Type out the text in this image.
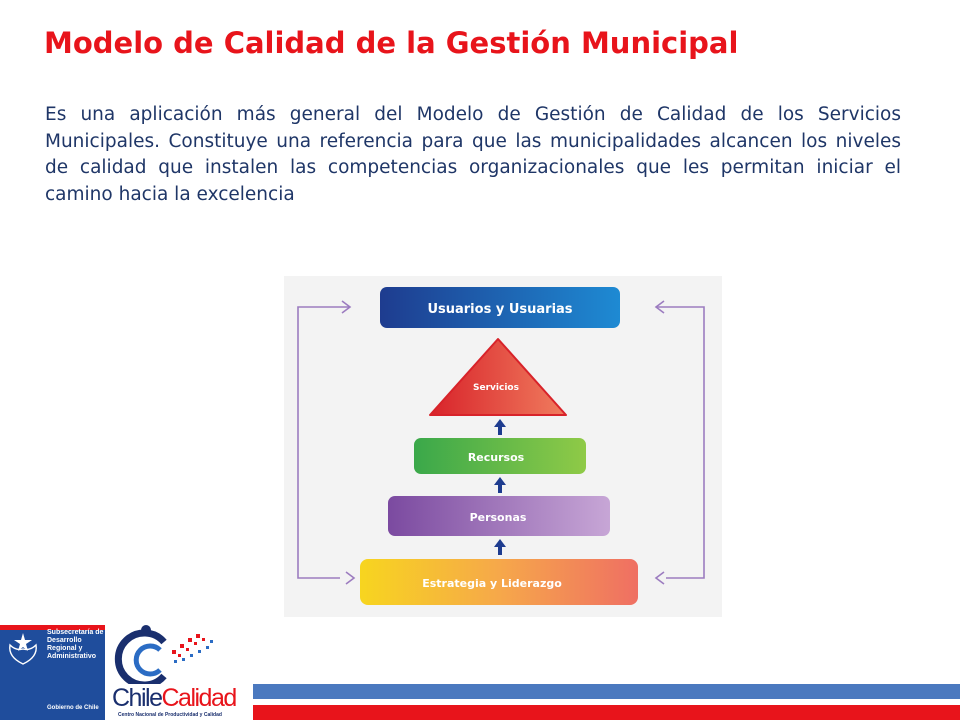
Modelo de Calidad de la Gestión Municipal

Es una aplicación más general del Modelo de Gestión de Calidad de los Servicios Municipales. Constituye una referencia para que las municipalidades alcancen los niveles de calidad que instalen las competencias organizacionales que les permitan iniciar el camino hacia la excelencia

Usuarios y Usuarias
Servicios
Recursos
Personas
Estrategia y Liderazgo
Subsecretaría de Desarrollo Regional y Administrativo
Gobierno de Chile ChileCalidad
Centro Nacional de Productividad y Calidad
